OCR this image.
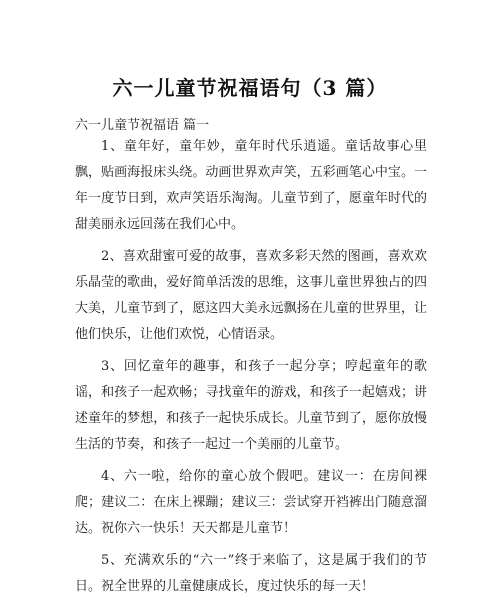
六一儿童节祝福语句（3 篇）
六一儿童节祝福语 篇一

1、童年好，童年妙，童年时代乐逍遥。童话故事心里飘，贴画海报床头绕。动画世界欢声笑，五彩画笔心中宝。一年一度节日到，欢声笑语乐淘淘。儿童节到了，愿童年时代的甜美丽永远回荡在我们心中。

2、喜欢甜蜜可爱的故事，喜欢多彩天然的图画，喜欢欢乐晶莹的歌曲，爱好简单活泼的思维，这事儿童世界独占的四大美，儿童节到了，愿这四大美永远飘扬在儿童的世界里，让他们快乐，让他们欢悦，心情语录。

3、回忆童年的趣事，和孩子一起分享；哼起童年的歌谣，和孩子一起欢畅；寻找童年的游戏，和孩子一起嬉戏；讲述童年的梦想，和孩子一起快乐成长。儿童节到了，愿你放慢生活的节奏，和孩子一起过一个美丽的儿童节。

4、六一啦，给你的童心放个假吧。建议一：在房间裸爬；建议二：在床上裸蹦；建议三：尝试穿开裆裤出门随意溜达。祝你六一快乐！天天都是儿童节！

5、充满欢乐的“六一”终于来临了，这是属于我们的节日。祝全世界的儿童健康成长，度过快乐的每一天！
